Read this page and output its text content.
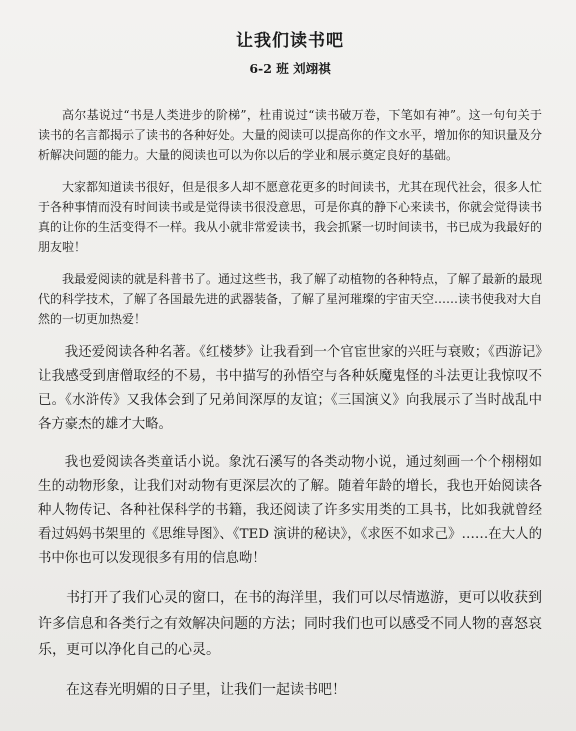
让我们读书吧
6-2 班 刘翊祺

高尔基说过“书是人类进步的阶梯”，杜甫说过“读书破万卷，下笔如有神”。这一句句关于读书的名言都揭示了读书的各种好处。大量的阅读可以提高你的作文水平，增加你的知识量及分析解决问题的能力。大量的阅读也可以为你以后的学业和展示奠定良好的基础。

大家都知道读书很好，但是很多人却不愿意花更多的时间读书，尤其在现代社会，很多人忙于各种事情而没有时间读书或是觉得读书很没意思，可是你真的静下心来读书，你就会觉得读书真的让你的生活变得不一样。我从小就非常爱读书，我会抓紧一切时间读书，书已成为我最好的朋友啦！

我最爱阅读的就是科普书了。通过这些书，我了解了动植物的各种特点，了解了最新的最现代的科学技术，了解了各国最先进的武器装备，了解了星河璀璨的宇宙天空……读书使我对大自然的一切更加热爱！

我还爱阅读各种名著。《红楼梦》让我看到一个官宦世家的兴旺与衰败；《西游记》让我感受到唐僧取经的不易，书中描写的孙悟空与各种妖魔鬼怪的斗法更让我惊叹不已。《水浒传》又我体会到了兄弟间深厚的友谊；《三国演义》向我展示了当时战乱中各方豪杰的雄才大略。

我也爱阅读各类童话小说。象沈石溪写的各类动物小说，通过刻画一个个栩栩如生的动物形象，让我们对动物有更深层次的了解。随着年龄的增长，我也开始阅读各种人物传记、各种社保科学的书籍，我还阅读了许多实用类的工具书，比如我就曾经看过妈妈书架里的《思维导图》、《TED 演讲的秘诀》，《求医不如求己》……在大人的书中你也可以发现很多有用的信息呦！

书打开了我们心灵的窗口，在书的海洋里，我们可以尽情遨游，更可以收获到许多信息和各类行之有效解决问题的方法；同时我们也可以感受不同人物的喜怒哀乐，更可以净化自己的心灵。

在这春光明媚的日子里，让我们一起读书吧！
